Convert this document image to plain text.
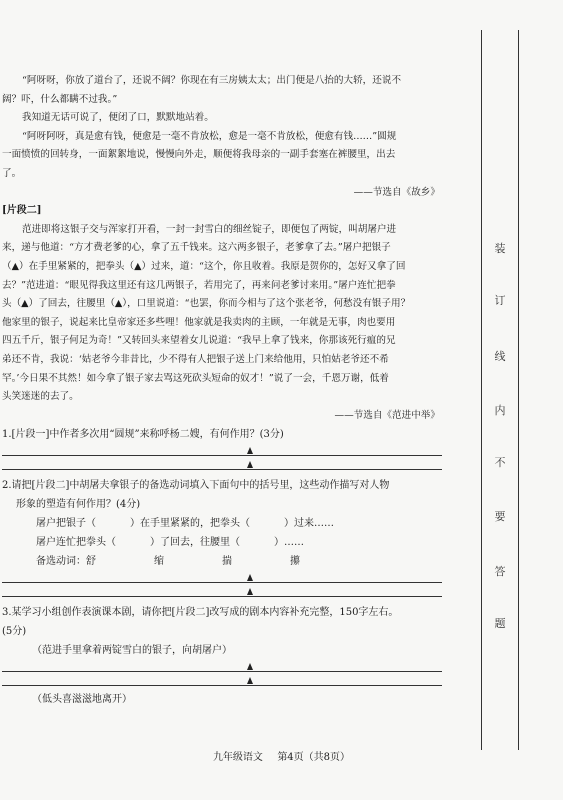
“阿呀呀，你放了道台了，还说不阔？你现在有三房姨太太；出门便是八抬的大轿，还说不

阔？吓，什么都瞒不过我。”

我知道无话可说了，便闭了口，默默地站着。

“阿呀阿呀，真是愈有钱，便愈是一毫不肯放松，愈是一毫不肯放松，便愈有钱……”圆规

一面愤愤的回转身，一面絮絮地说，慢慢向外走，顺便将我母亲的一副手套塞在裤腰里，出去

了。

——节选自《故乡》

[片段二]

范进即将这银子交与浑家打开看，一封一封雪白的细丝锭子，即便包了两锭，叫胡屠户进

来，递与他道：“方才费老爹的心，拿了五千钱来。这六两多银子，老爹拿了去。”屠户把银子

（▲）在手里紧紧的，把拳头（▲）过来，道：“这个，你且收着。我原是贺你的，怎好又拿了回

去？”范进道：“眼见得我这里还有这几两银子，若用完了，再来问老爹讨来用。”屠户连忙把拳

头（▲）了回去，往腰里（▲），口里说道：“也罢，你而今相与了这个张老爷，何愁没有银子用？

他家里的银子，说起来比皇帝家还多些哩！他家就是我卖肉的主顾，一年就是无事，肉也要用

四五千斤，银子何足为奇！”又转回头来望着女儿说道：“我早上拿了钱来，你那该死行瘟的兄

弟还不肯，我说：‘姑老爷今非昔比，少不得有人把银子送上门来给他用，只怕姑老爷还不希

罕。’今日果不其然！如今拿了银子家去骂这死砍头短命的奴才！”说了一会，千恩万谢，低着

头笑迷迷的去了。

——节选自《范进中举》

1.[片段一]中作者多次用“圆规”来称呼杨二嫂，有何作用？(3分)

2.请把[片段二]中胡屠夫拿银子的备选动词填入下面句中的括号里，这些动作描写对人物

形象的塑造有何作用？(4分)

屠户把银子（	）在手里紧紧的，把拳头（	）过来……

屠户连忙把拳头（	）了回去，往腰里（	）……

备选动词：舒	缩	揣	攥

3.某学习小组创作表演课本剧，请你把[片段二]改写成的剧本内容补充完整，150字左右。

(5分)

（范进手里拿着两锭雪白的银子，向胡屠户）

（低头喜滋滋地离开）

装
订
线
内
不
要
答
题
九年级语文 第4页（共8页）
